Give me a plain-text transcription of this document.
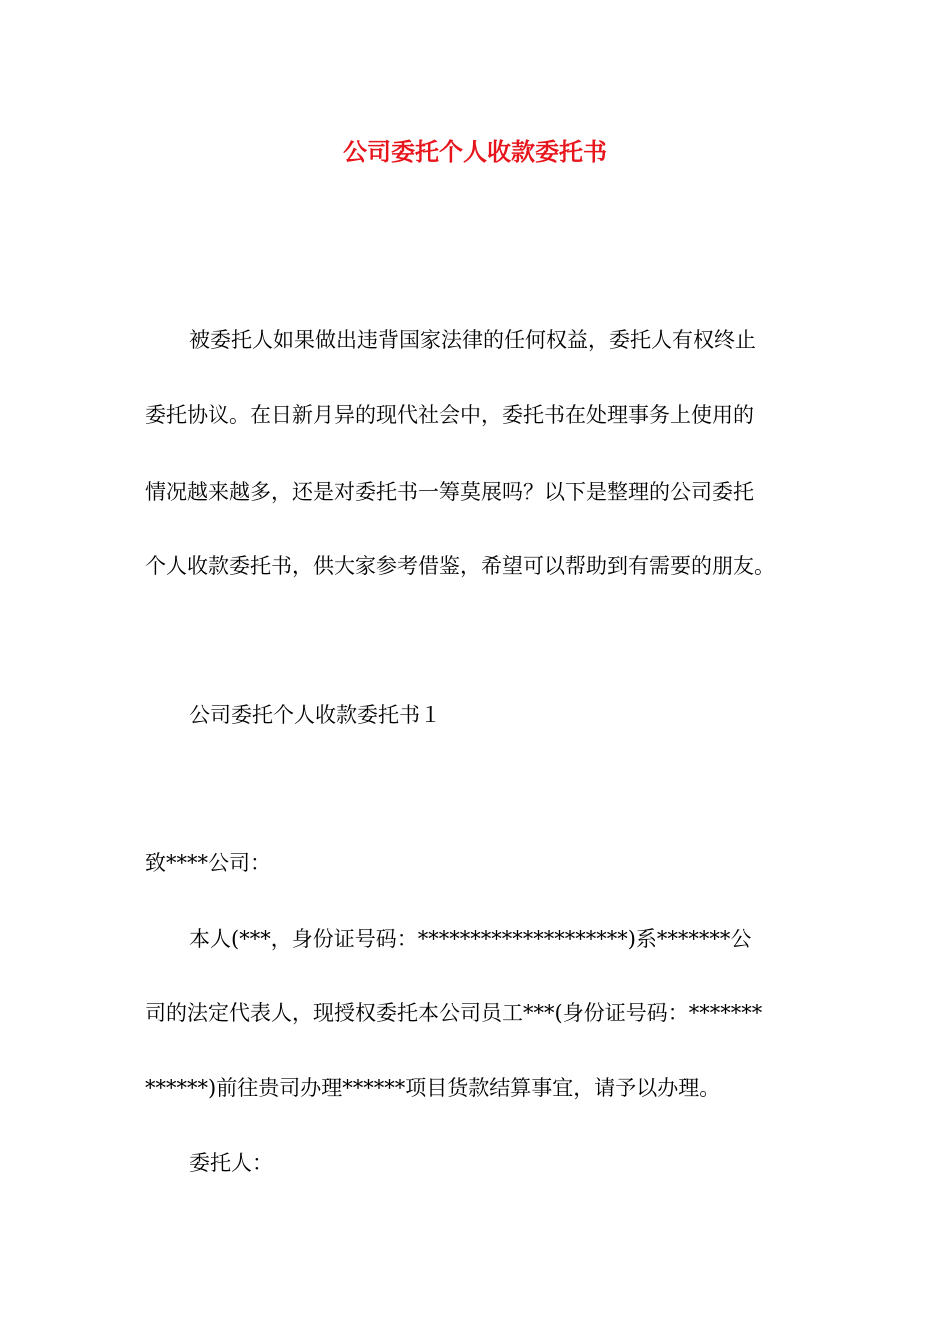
公司委托个人收款委托书

被委托人如果做出违背国家法律的任何权益，委托人有权终止

委托协议。在日新月异的现代社会中，委托书在处理事务上使用的

情况越来越多，还是对委托书一筹莫展吗？以下是整理的公司委托

个人收款委托书，供大家参考借鉴，希望可以帮助到有需要的朋友。

公司委托个人收款委托书１

致****公司：

本人(***，身份证号码：********************)系*******公

司的法定代表人，现授权委托本公司员工***(身份证号码：*******

******)前往贵司办理******项目货款结算事宜，请予以办理。

委托人：
